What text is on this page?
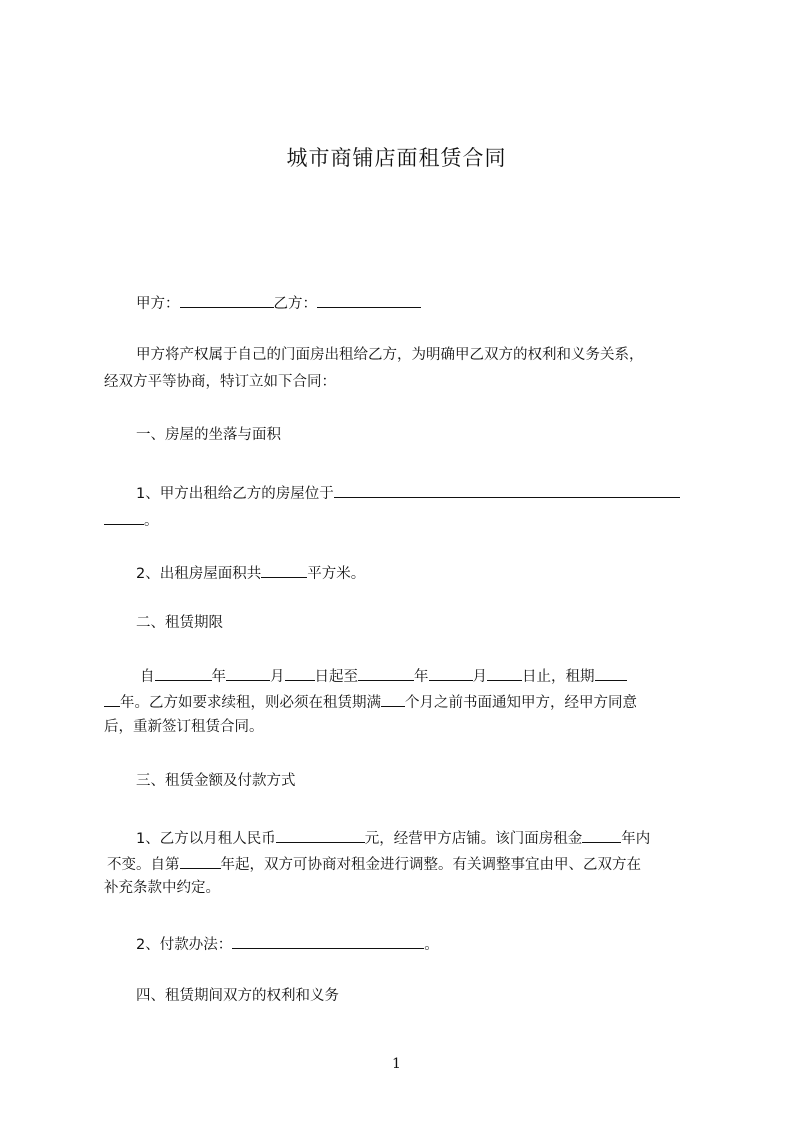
城市商铺店面租赁合同
甲方：	乙方：
甲方将产权属于自己的门面房出租给乙方，为明确甲乙双方的权利和义务关系，
经双方平等协商，特订立如下合同：
一、房屋的坐落与面积
1、甲方出租给乙方的房屋位于
。
2、出租房屋面积共	平方米。
二、租赁期限
自	年	月 日起至	年	月 日止，租期
年。乙方如要求续租，则必须在租赁期满 个月之前书面通知甲方，经甲方同意
后，重新签订租赁合同。
三、租赁金额及付款方式
1、乙方以月租人民币	元，经营甲方店铺。该门面房租金	年内
不变。自第	年起，双方可协商对租金进行调整。有关调整事宜由甲、乙双方在
补充条款中约定。
2、付款办法：	。
四、租赁期间双方的权利和义务
1
